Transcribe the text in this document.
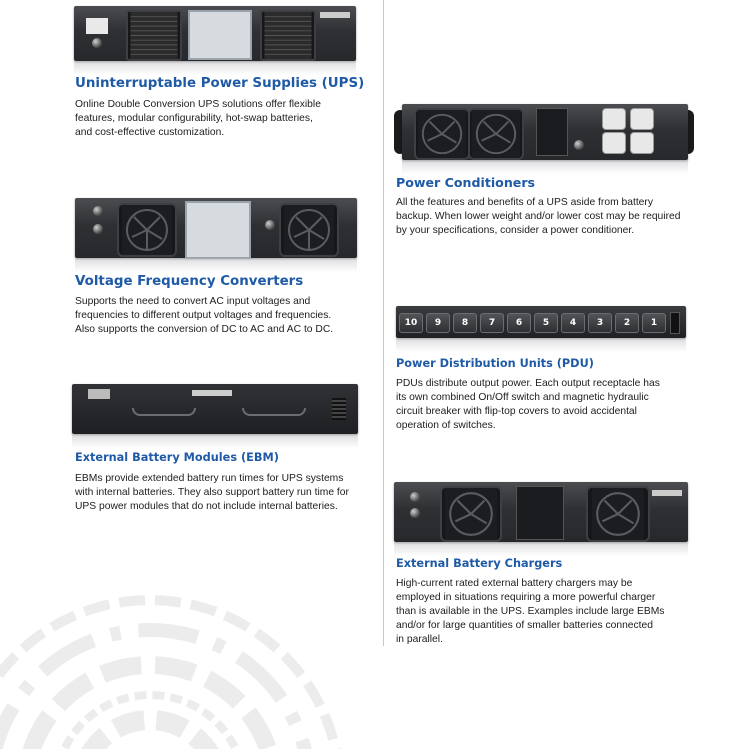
Uninterruptable Power Supplies (UPS)

Online Double Conversion UPS solutions offer flexible
features, modular configurability, hot-swap batteries,
and cost-effective customization.

Voltage Frequency Converters

Supports the need to convert AC input voltages and
frequencies to different output voltages and frequencies.
Also supports the conversion of DC to AC and AC to DC.

External Battery Modules (EBM)

EBMs provide extended battery run times for UPS systems
with internal batteries. They also support battery run time for
UPS power modules that do not include internal batteries.

Power Conditioners

All the features and benefits of a UPS aside from battery
backup. When lower weight and/or lower cost may be required
by your specifications, consider a power conditioner.

10	9	8	7	6	5	4	3	2	1
Power Distribution Units (PDU)

PDUs distribute output power. Each output receptacle has
its own combined On/Off switch and magnetic hydraulic
circuit breaker with flip-top covers to avoid accidental
operation of switches.

External Battery Chargers

High-current rated external battery chargers may be
employed in situations requiring a more powerful charger
than is available in the UPS. Examples include large EBMs
and/or for large quantities of smaller batteries connected
in parallel.
